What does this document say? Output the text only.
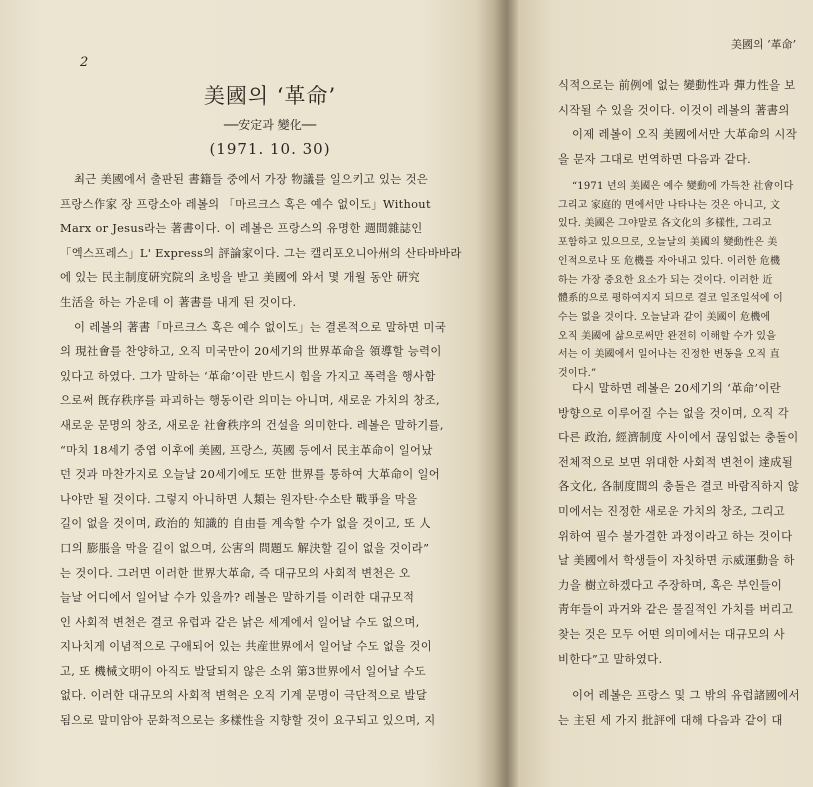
2
美國의 ‘革命’
──安定과 變化──
(1971. 10. 30)
최근 美國에서 출판된 書籍들 중에서 가장 物議를 일으키고 있는 것은
프랑스作家 장 프랑소아 레볼의 「마르크스 혹은 예수 없이도」Without
Marx or Jesus라는 著書이다. 이 레볼은 프랑스의 유명한 週間雜誌인
「엑스프레스」L' Express의 評論家이다. 그는 캘리포오니아州의 산타바바라
에 있는 民主制度硏究院의 초빙을 받고 美國에 와서 몇 개월 동안 硏究
生活을 하는 가운데 이 著書를 내게 된 것이다.
이 레볼의 著書「마르크스 혹은 예수 없이도」는 결론적으로 말하면 미국
의 現社會를 찬양하고, 오직 미국만이 20세기의 世界革命을 領導할 능력이
있다고 하였다. 그가 말하는 ‘革命’이란 반드시 힘을 가지고 폭력을 행사함
으로써 旣存秩序를 파괴하는 행동이란 의미는 아니며, 새로운 가치의 창조,
새로운 문명의 창조, 새로운 社會秩序의 건설을 의미한다. 레볼은 말하기를,
“마치 18세기 중엽 이후에 美國, 프랑스, 英國 등에서 民主革命이 일어났
던 것과 마찬가지로 오늘날 20세기에도 또한 世界를 통하여 大革命이 일어
나야만 될 것이다. 그렇지 아니하면 人類는 원자탄·수소탄 戰爭을 막을
길이 없을 것이며, 政治的 知識的 自由를 계속할 수가 없을 것이고, 또 人
口의 膨脹을 막을 길이 없으며, 公害의 問題도 解決할 길이 없을 것이라”
는 것이다. 그러면 이러한 世界大革命, 즉 대규모의 사회적 변천은 오
늘날 어디에서 일어날 수가 있을까? 레볼은 말하기를 이러한 대규모적
인 사회적 변천은 결코 유럽과 같은 낡은 세계에서 일어날 수도 없으며,
지나치게 이념적으로 구애되어 있는 共産世界에서 일어날 수도 없을 것이
고, 또 機械文明이 아직도 발달되지 않은 소위 第3世界에서 일어날 수도
없다. 이러한 대규모의 사회적 변혁은 오직 기계 문명이 극단적으로 발달
됨으로 말미암아 문화적으로는 多樣性을 지향할 것이 요구되고 있으며, 지
美國의 ‘革命’
식적으로는 前例에 없는 變動性과 彈力性을 보
시작될 수 있을 것이다. 이것이 레볼의 著書의
이제 레볼이 오직 美國에서만 大革命의 시작
을 문자 그대로 번역하면 다음과 같다.
“1971 년의 美國은 예수 變動에 가득찬 社會이다
그리고 家庭的 면에서만 나타나는 것은 아니고, 文
있다. 美國은 그야말로 各文化의 多樣性, 그리고
포함하고 있으므로, 오늘날의 美國의 變動性은 美
인적으로나 또 危機를 자아내고 있다. 이러한 危機
하는 가장 중요한 요소가 되는 것이다. 이러한 近
體系的으로 평하여지지 되므로 결코 일조일석에 이
수는 없을 것이다. 오늘날과 같이 美國이 危機에
오직 美國에 삶으로써만 완전히 이해할 수가 있을
서는 이 美國에서 일어나는 진정한 변동을 오직 直
것이다.”
다시 말하면 레볼은 20세기의 ‘革命’이란
방향으로 이루어질 수는 없을 것이며, 오직 각
다른 政治, 經濟制度 사이에서 끊임없는 충돌이
전체적으로 보면 위대한 사회적 변천이 達成될
各文化, 各制度間의 충돌은 결코 바람직하지 않
미에서는 진정한 새로운 가치의 창조, 그리고
위하여 필수 불가결한 과정이라고 하는 것이다
날 美國에서 학생들이 자칫하면 示威運動을 하
力을 樹立하겠다고 주장하며, 혹은 부인들이
靑年들이 과거와 같은 물질적인 가치를 버리고
찾는 것은 모두 어떤 의미에서는 대규모의 사
비한다”고 말하였다.
이어 레볼은 프랑스 및 그 밖의 유럽諸國에서
는 主된 세 가지 批評에 대해 다음과 같이 대
